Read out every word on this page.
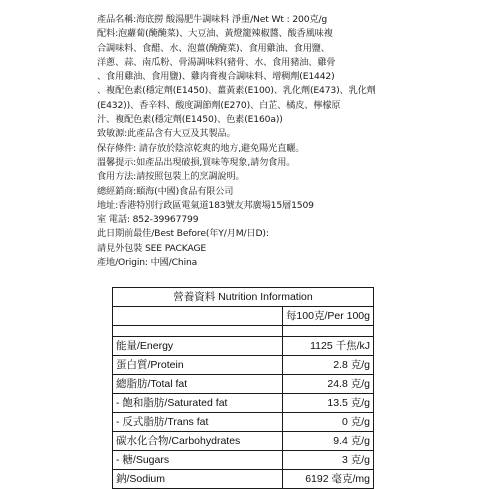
產品名稱:海底撈 酸湯肥牛調味料 淨重/Net Wt : 200克/g
配料:泡蘿蔔(醃醃菜)、大豆油、黃燈籠辣椒醬、酸香風味複
合調味料、食醋、水、泡薑(醃醃菜)、食用雞油、食用鹽、
洋蔥、蒜、南瓜粉、骨湯調味料(豬骨、水、食用豬油、雞骨
、食用雞油、食用鹽)、雞肉膏複合調味料、增稠劑(E1442)
、複配色素(穩定劑(E1450)、薑黃素(E100)、乳化劑(E473)、乳化劑
(E432))、香辛料、酸度調節劑(E270)、白芷、橘皮、檸檬原
汁、複配色素(穩定劑(E1450)、色素(E160a))
致敏源:此產品含有大豆及其製品。
保存條件: 請存放於陰涼乾爽的地方,避免陽光直曬。
溫馨提示:如產品出現破損,買味等現象,請勿食用。
食用方法:請按照包裝上的烹調說明。
總經銷商:頤海(中國)食品有限公司
地址:香港特別行政區電氣道183號友邦廣場15層1509
室 電話: 852-39967799
此日期前最佳/Best Before(年Y/月M/日D):
請見外包裝 SEE PACKAGE
產地/Origin: 中國/China
營養資料 Nutrition Information	
	每100克/Per 100g

能量/Energy	1125 千焦/kJ
蛋白質/Protein	2.8 克/g
總脂肪/Total fat	24.8 克/g
- 飽和脂肪/Saturated fat	13.5 克/g
- 反式脂肪/Trans fat	0 克/g
碳水化合物/Carbohydrates	9.4 克/g
- 糖/Sugars	3 克/g
鈉/Sodium	6192 毫克/mg
